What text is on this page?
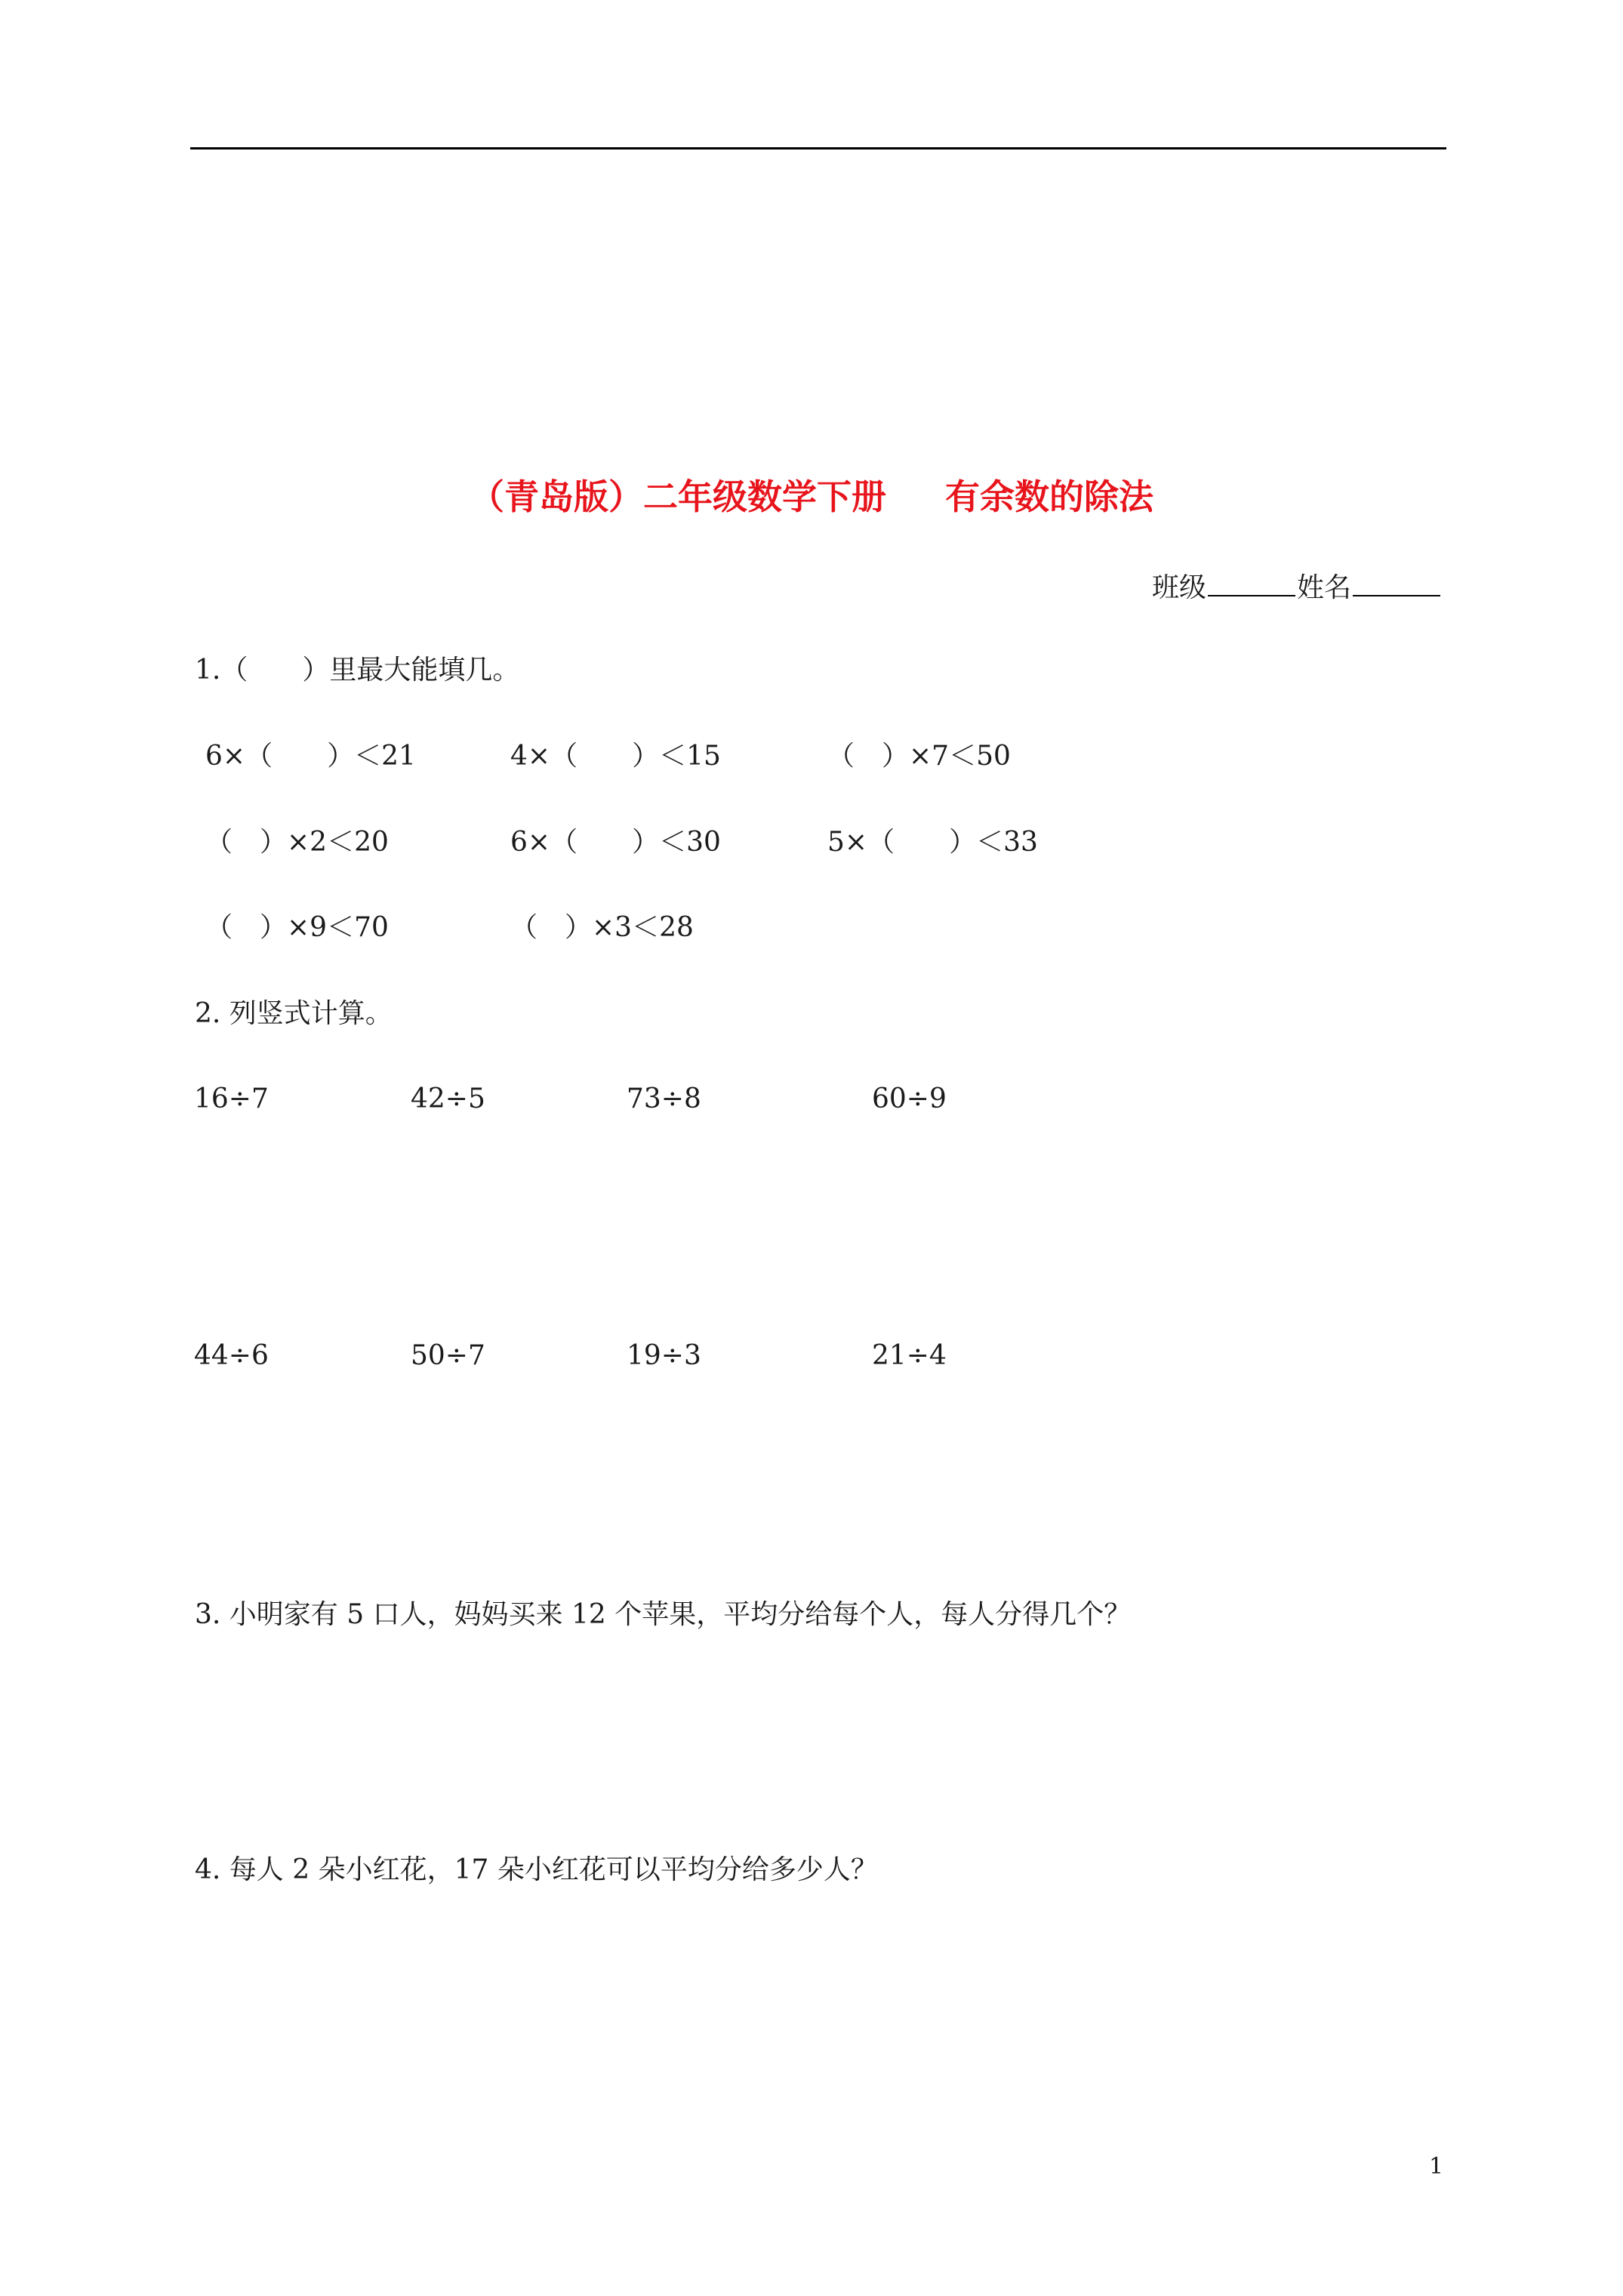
（青岛版）二年级数学下册 有余数的除法
班级	姓名
1.（　　）里最大能填几。
6×（　　）＜21	4×（　　）＜15	（　）×7＜50
（　）×2＜20	6×（　　）＜30	5×（　　）＜33
（　）×9＜70	（　）×3＜28
2. 列竖式计算。
16÷7	42÷5	73÷8	60÷9
44÷6	50÷7	19÷3	21÷4
3. 小明家有 5 口人，妈妈买来 12 个苹果，平均分给每个人，每人分得几个？
4. 每人 2 朵小红花，17 朵小红花可以平均分给多少人？
1
